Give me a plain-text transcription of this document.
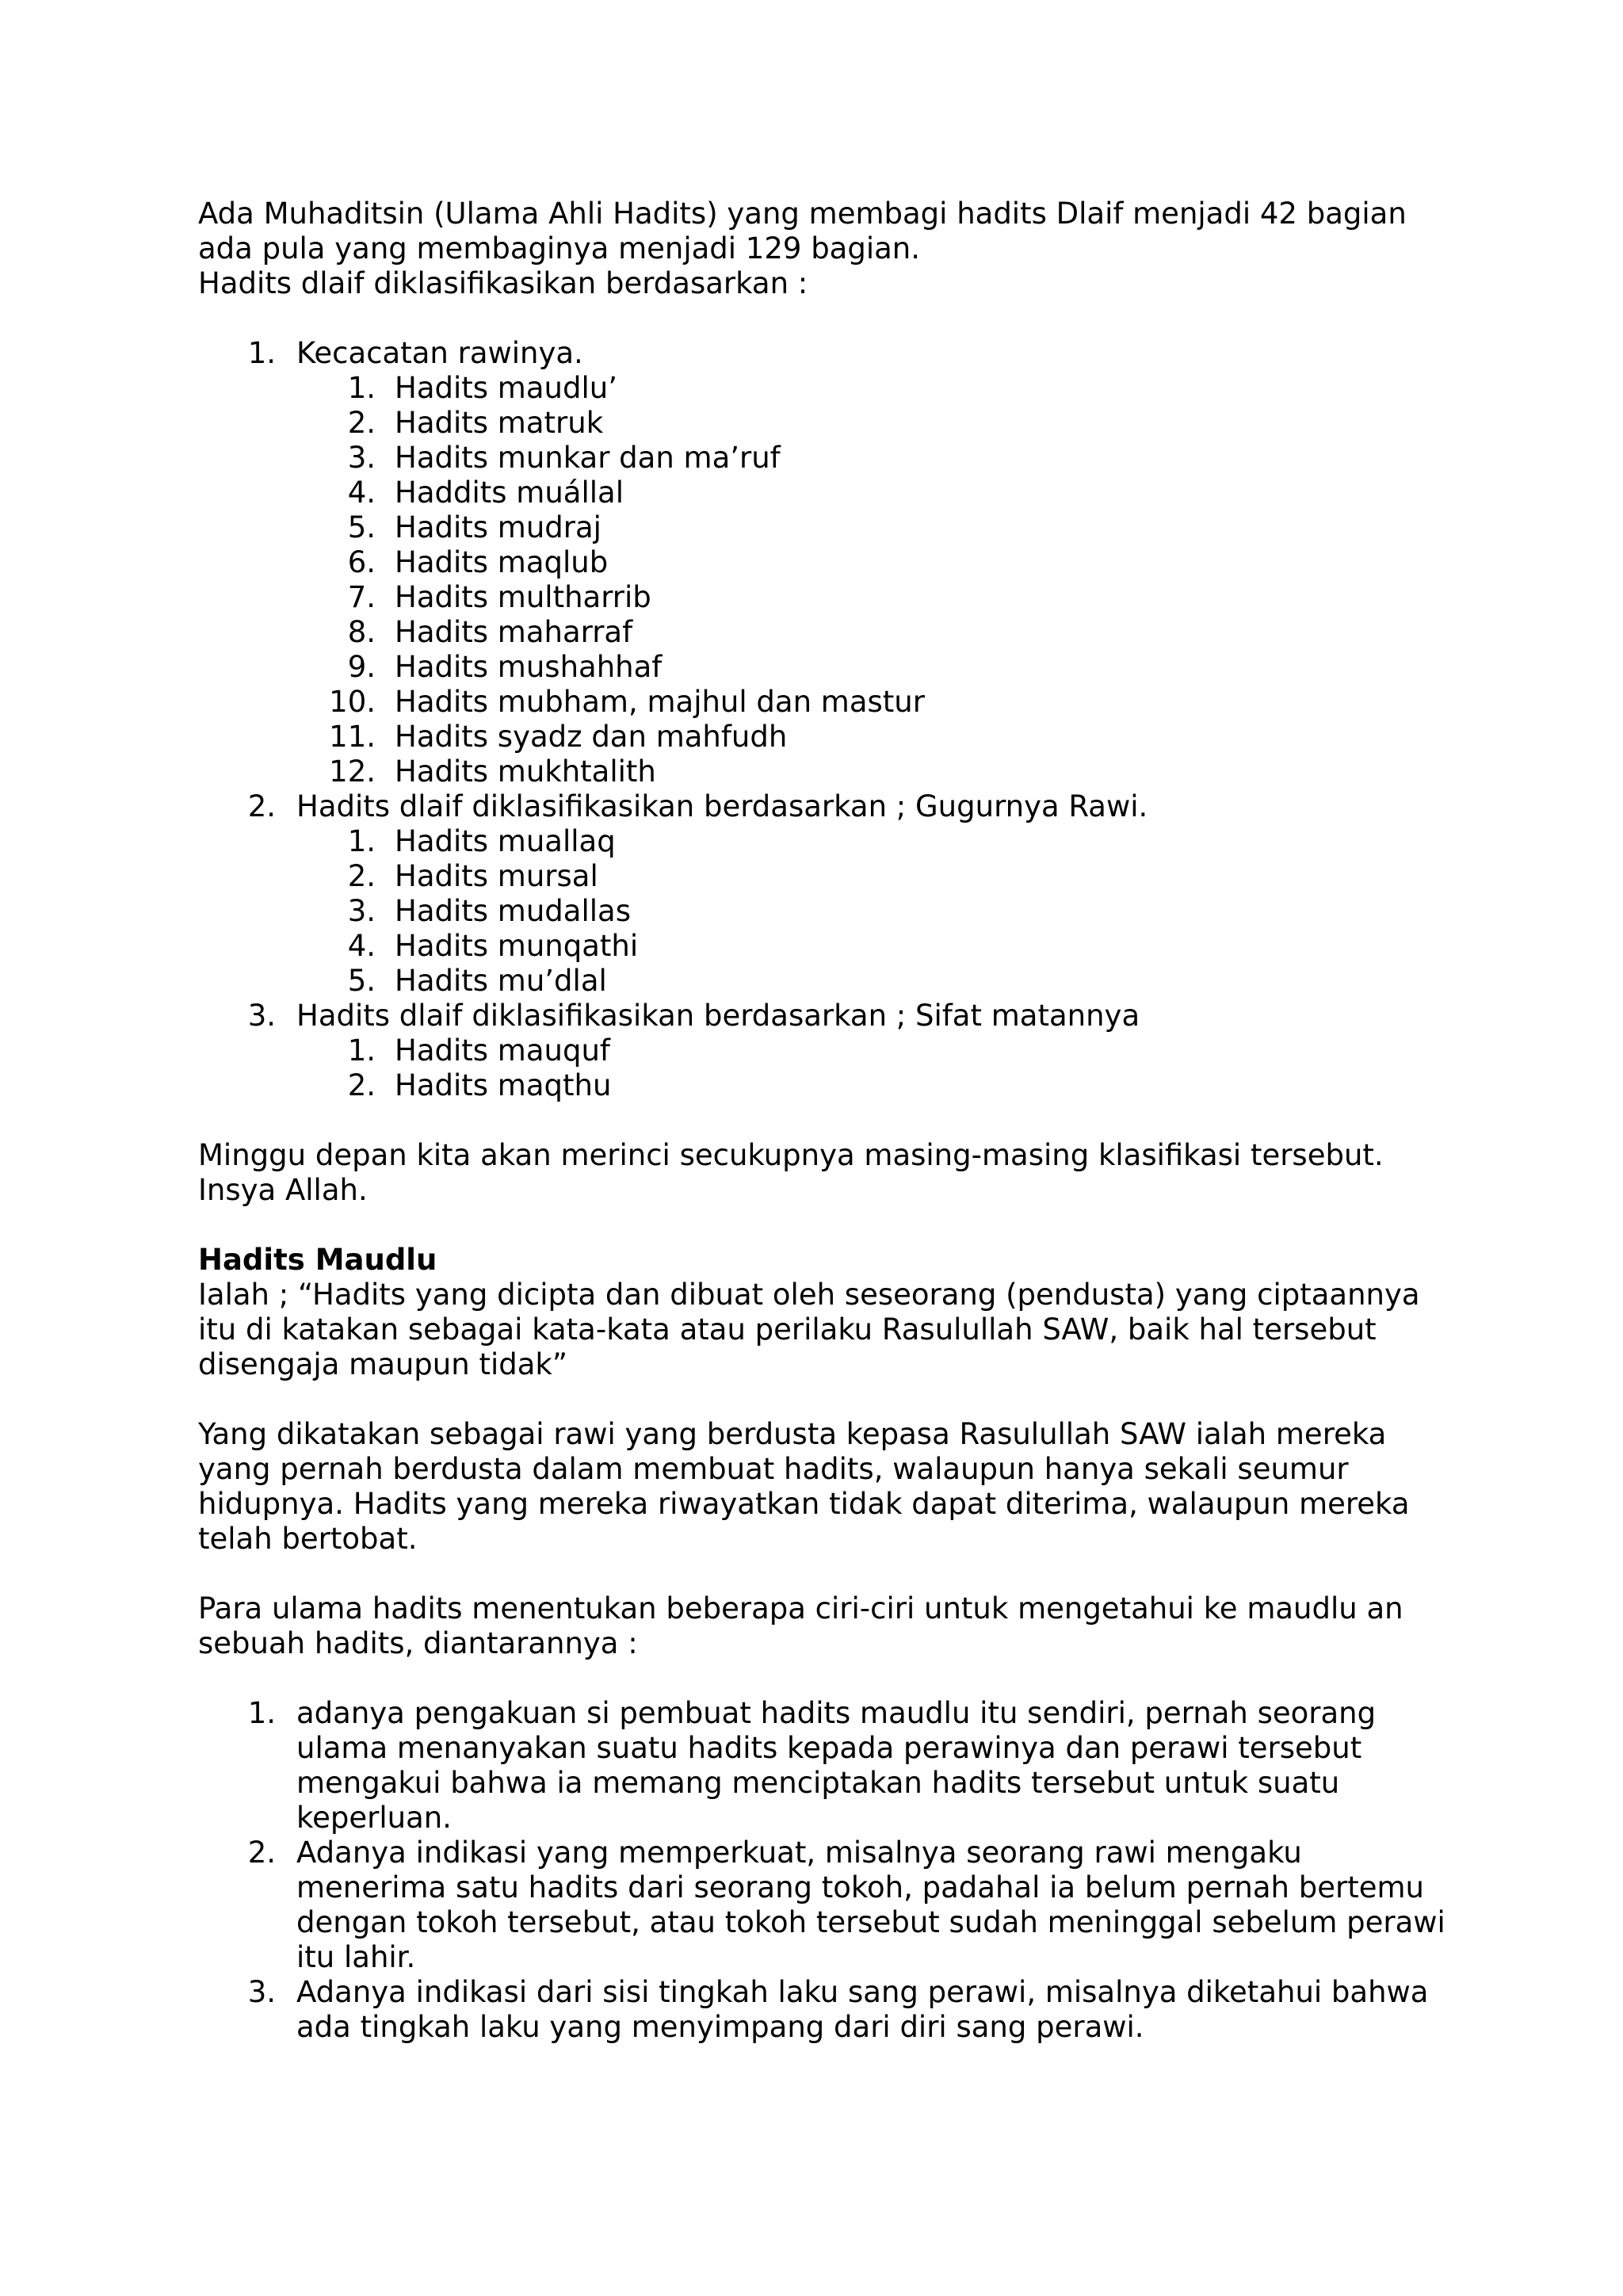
Ada Muhaditsin (Ulama Ahli Hadits) yang membagi hadits Dlaif menjadi 42 bagian

ada pula yang membaginya menjadi 129 bagian.

Hadits dlaif diklasifikasikan berdasarkan :

1. Kecacatan rawinya.
1. Hadits maudlu’
2. Hadits matruk
3. Hadits munkar dan ma’ruf
4. Haddits muállal
5. Hadits mudraj
6. Hadits maqlub
7. Hadits multharrib
8. Hadits maharraf
9. Hadits mushahhaf
10. Hadits mubham, majhul dan mastur
11. Hadits syadz dan mahfudh
12. Hadits mukhtalith
2. Hadits dlaif diklasifikasikan berdasarkan ; Gugurnya Rawi.
1. Hadits muallaq
2. Hadits mursal
3. Hadits mudallas
4. Hadits munqathi
5. Hadits mu’dlal
3. Hadits dlaif diklasifikasikan berdasarkan ; Sifat matannya
1. Hadits mauquf
2. Hadits maqthu

Minggu depan kita akan merinci secukupnya masing-masing klasifikasi tersebut.

Insya Allah.

Hadits Maudlu

Ialah ; “Hadits yang dicipta dan dibuat oleh seseorang (pendusta) yang ciptaannya

itu di katakan sebagai kata-kata atau perilaku Rasulullah SAW, baik hal tersebut

disengaja maupun tidak”

Yang dikatakan sebagai rawi yang berdusta kepasa Rasulullah SAW ialah mereka

yang pernah berdusta dalam membuat hadits, walaupun hanya sekali seumur

hidupnya. Hadits yang mereka riwayatkan tidak dapat diterima, walaupun mereka

telah bertobat.

Para ulama hadits menentukan beberapa ciri-ciri untuk mengetahui ke maudlu an

sebuah hadits, diantarannya :

1. adanya pengakuan si pembuat hadits maudlu itu sendiri, pernah seorang
ulama menanyakan suatu hadits kepada perawinya dan perawi tersebut
mengakui bahwa ia memang menciptakan hadits tersebut untuk suatu
keperluan.
2. Adanya indikasi yang memperkuat, misalnya seorang rawi mengaku
menerima satu hadits dari seorang tokoh, padahal ia belum pernah bertemu
dengan tokoh tersebut, atau tokoh tersebut sudah meninggal sebelum perawi
itu lahir.
3. Adanya indikasi dari sisi tingkah laku sang perawi, misalnya diketahui bahwa
ada tingkah laku yang menyimpang dari diri sang perawi.
